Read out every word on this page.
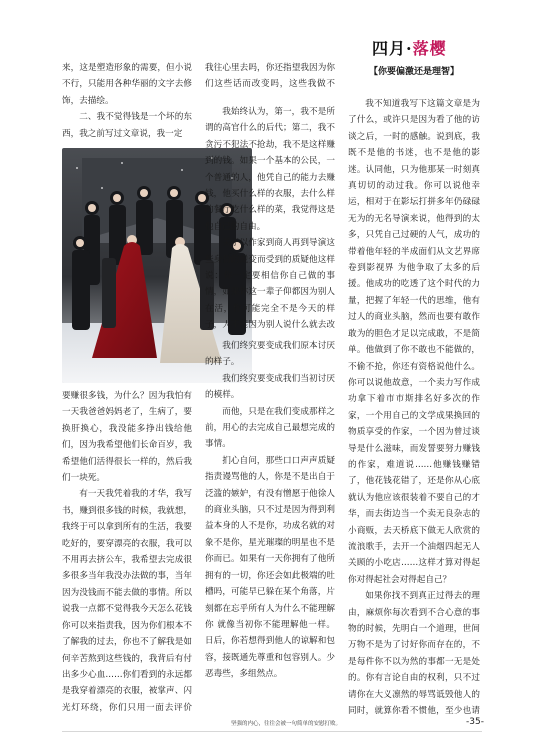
四月·落樱
【你要偏激还是理智】

来，这是塑造形象的需要，但小说不行，只能用各种华丽的文字去修饰，去描绘。

二、我不觉得钱是一个坏的东西，我之前写过文章说，我一定

要赚很多钱，为什么？因为我怕有一天我爸爸妈妈老了，生病了，要换肝换心，我没能多挣出钱给他们，因为我希望他们长命百岁，我希望他们活得很长一样的，然后我们一块死。

有一天我凭着我的才华，我写书，赚到很多钱的时候，我就想，我终于可以拿到所有的生活，我要吃好的，要穿漂亮的衣服，我可以不用再去挤公车，我希望去完成很多很多当年我没办法做的事，当年因为没钱而不能去做的事情。所以说我一点都不觉得我今天怎么花钱你可以来指责我，因为你们根本不了解我的过去，你也不了解我是如何辛苦熬到这些钱的，我背后有付出多少心血……你们看到的永远都是我穿着漂亮的衣服，被掌声、闪光灯环绕，你们只用一面去评价

我往心里去吗，你还指望我因为你们这些话而改变吗，这些我做不

我始终认为，第一，我不是所谓的高官什么的后代；第二，我不贪污不犯法不抢劫，我不是这样赚到的钱。如果一个基本的公民，一个普通的人，他凭自己的能力去赚钱，他买什么样的衣服，去什么样的餐厅吃什么样的菜，我觉得这是他自己的自由。

关于以作家到商人再到导演这些身份的蜕变而受到的质疑他这样说：你一定要相信你自己做的事情，如果你这一辈子仰都因为别人在活，你可能完全不是今天的样子，人不能因为别人说什么就去改

我们终究要变成我们原本讨厌的样子。

我们终究要变成我们当初讨厌的模样。

而他，只是在我们变成那样之前，用心的去完成自己最想完成的事情。

扪心自问，那些口口声声质疑指责谩骂他的人，你是不是出自于泛滥的嫉妒，有没有憎愿于他徐人的商业头脑，只不过是因为得到利益本身的人不是你，功成名就的对象不是你，星光璀璨的明星也不是你而已。如果有一天你拥有了他所拥有的一切，你还会如此极端的吐槽吗，可能早已躲在某个角落，片刻都在忘乎所有人为什么不能理解你 就像当初你不能理解他一样。日后，你若想得到他人的谅解和包容，接既通先尊重和包容别人。少恶毒些，多组然点。

我不知道我写下这篇文章是为了什么，或许只是因为看了他的访谈之后，一时的感触。说到底，我既不是他的书迷，也不是他的影迷。认同他，只为他那某一时刻真真切切的动过我。你可以说他幸运，相对于在影坛打拼多年仍碌碌无为的无名导演来说，他得到的太多，只凭自己过硬的人气，成功的带着他年轻的半成面们从文艺界席卷到影视界 为他争取了太多的后援。他成功的吃透了这个时代的力量，把握了年轻一代的思维，他有过人的商业头脑，然而也要有敢作敢为的胆色才足以完成敢，不是简单。他做到了你不敢也不能做的，不偷不抢，你还有资格说他什么。你可以说他故意，一个卖力写作成功拿下着市市斯排名好多次的作家，一个用自己的文学成果换回的物质享受的作家，一个因为曾过谈导是什么滋味，而发誓要努力赚钱的作家，难道说……他赚钱赚错了，他花钱花错了，还是你从心底就认为他应该很装着不要自己的才华，而去街边当一个卖无良杂志的小商贩，去天桥底下做无人欣赏的流浪歌手，去开一个油烟四起无人关顾的小吃店……这样才算对得起你对得起社会对得起自己？

如果你找不到真正过得去的理由，麻烦你每次看到不合心意的事物的时候，先明白一个道理，世间万物不是为了讨好你而存在的，不是每件你不以为然的事都一无是处的。你有言论自由的权利，只不过请你在大义凛然的辱骂诋毁他人的同时，就算你看不惯他，至少也请

坚强的内心，往往会被一句简单的安慰打败。	-35-
